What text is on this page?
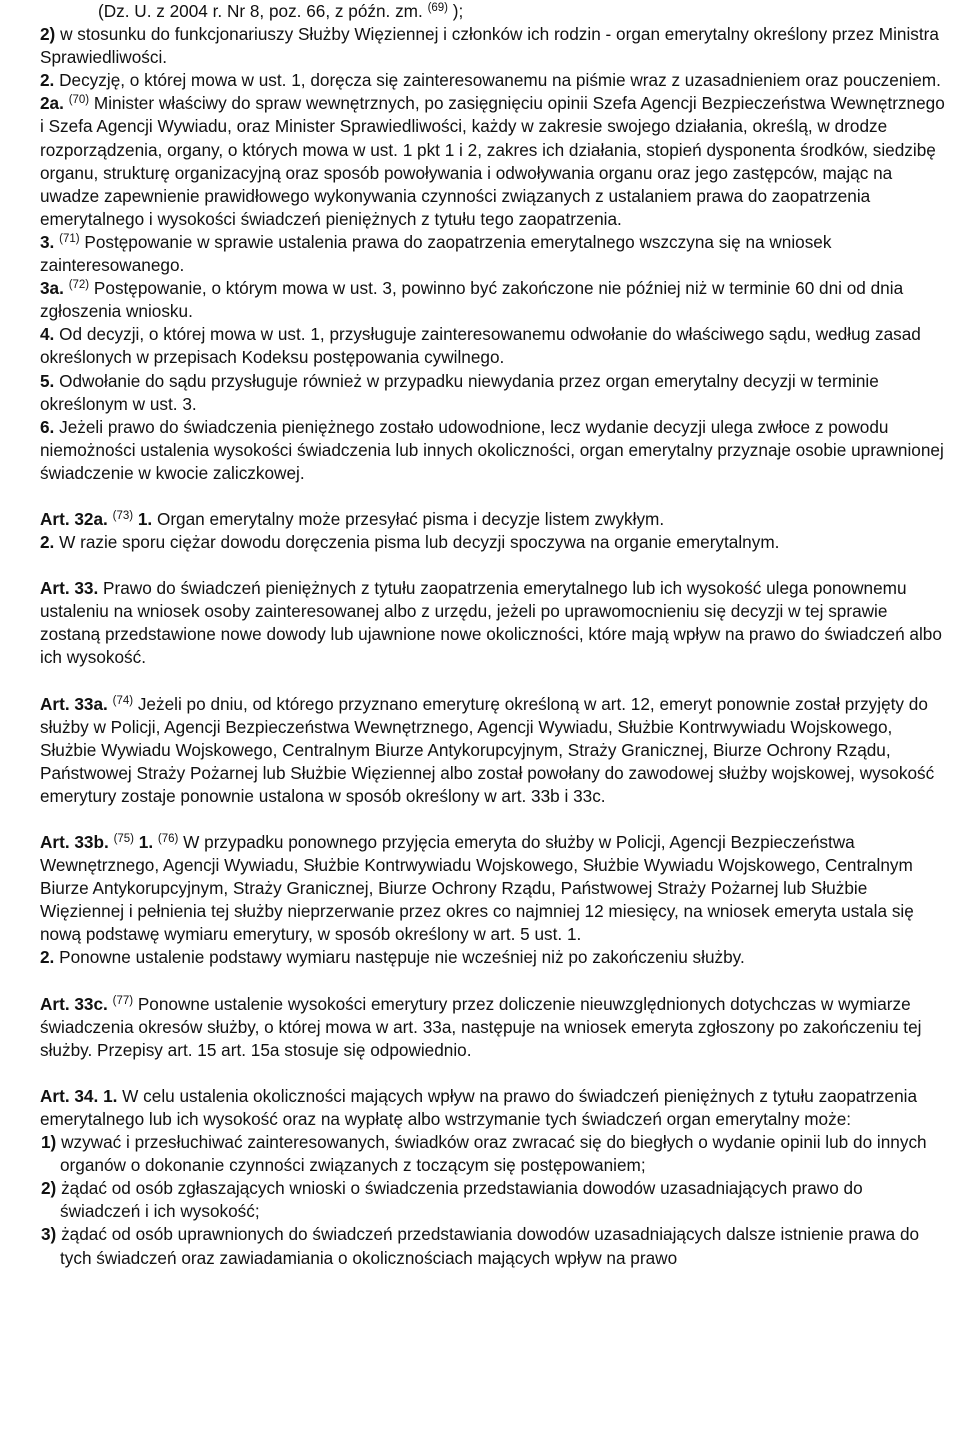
(Dz. U. z 2004 r. Nr 8, poz. 66, z późn. zm. $^{(69)}$ );

2) w stosunku do funkcjonariuszy Służby Więziennej i członków ich rodzin - organ emerytalny określony przez Ministra Sprawiedliwości.

2. Decyzję, o której mowa w ust. 1, doręcza się zainteresowanemu na piśmie wraz z uzasadnieniem oraz pouczeniem.

2a. $^{(70)}$ Minister właściwy do spraw wewnętrznych, po zasięgnięciu opinii Szefa Agencji Bezpieczeństwa Wewnętrznego i Szefa Agencji Wywiadu, oraz Minister Sprawiedliwości, każdy w zakresie swojego działania, określą, w drodze rozporządzenia, organy, o których mowa w ust. 1 pkt 1 i 2, zakres ich działania, stopień dysponenta środków, siedzibę organu, strukturę organizacyjną oraz sposób powoływania i odwoływania organu oraz jego zastępców, mając na uwadze zapewnienie prawidłowego wykonywania czynności związanych z ustalaniem prawa do zaopatrzenia emerytalnego i wysokości świadczeń pieniężnych z tytułu tego zaopatrzenia.

3. $^{(71)}$ Postępowanie w sprawie ustalenia prawa do zaopatrzenia emerytalnego wszczyna się na wniosek zainteresowanego.

3a. $^{(72)}$ Postępowanie, o którym mowa w ust. 3, powinno być zakończone nie później niż w terminie 60 dni od dnia zgłoszenia wniosku.

4. Od decyzji, o której mowa w ust. 1, przysługuje zainteresowanemu odwołanie do właściwego sądu, według zasad określonych w przepisach Kodeksu postępowania cywilnego.

5. Odwołanie do sądu przysługuje również w przypadku niewydania przez organ emerytalny decyzji w terminie określonym w ust. 3.

6. Jeżeli prawo do świadczenia pieniężnego zostało udowodnione, lecz wydanie decyzji ulega zwłoce z powodu niemożności ustalenia wysokości świadczenia lub innych okoliczności, organ emerytalny przyznaje osobie uprawnionej świadczenie w kwocie zaliczkowej.

Art. 32a. $^{(73)}$ 1. Organ emerytalny może przesyłać pisma i decyzje listem zwykłym.

2. W razie sporu ciężar dowodu doręczenia pisma lub decyzji spoczywa na organie emerytalnym.

Art. 33. Prawo do świadczeń pieniężnych z tytułu zaopatrzenia emerytalnego lub ich wysokość ulega ponownemu ustaleniu na wniosek osoby zainteresowanej albo z urzędu, jeżeli po uprawomocnieniu się decyzji w tej sprawie zostaną przedstawione nowe dowody lub ujawnione nowe okoliczności, które mają wpływ na prawo do świadczeń albo ich wysokość.

Art. 33a. $^{(74)}$ Jeżeli po dniu, od którego przyznano emeryturę określoną w art. 12, emeryt ponownie został przyjęty do służby w Policji, Agencji Bezpieczeństwa Wewnętrznego, Agencji Wywiadu, Służbie Kontrwywiadu Wojskowego, Służbie Wywiadu Wojskowego, Centralnym Biurze Antykorupcyjnym, Straży Granicznej, Biurze Ochrony Rządu, Państwowej Straży Pożarnej lub Służbie Więziennej albo został powołany do zawodowej służby wojskowej, wysokość emerytury zostaje ponownie ustalona w sposób określony w art. 33b i 33c.

Art. 33b. $^{(75)}$ 1. $^{(76)}$ W przypadku ponownego przyjęcia emeryta do służby w Policji, Agencji Bezpieczeństwa Wewnętrznego, Agencji Wywiadu, Służbie Kontrwywiadu Wojskowego, Służbie Wywiadu Wojskowego, Centralnym Biurze Antykorupcyjnym, Straży Granicznej, Biurze Ochrony Rządu, Państwowej Straży Pożarnej lub Służbie Więziennej i pełnienia tej służby nieprzerwanie przez okres co najmniej 12 miesięcy, na wniosek emeryta ustala się nową podstawę wymiaru emerytury, w sposób określony w art. 5 ust. 1.

2. Ponowne ustalenie podstawy wymiaru następuje nie wcześniej niż po zakończeniu służby.

Art. 33c. $^{(77)}$ Ponowne ustalenie wysokości emerytury przez doliczenie nieuwzględnionych dotychczas w wymiarze świadczenia okresów służby, o której mowa w art. 33a, następuje na wniosek emeryta zgłoszony po zakończeniu tej służby. Przepisy art. 15 art. 15a stosuje się odpowiednio.

Art. 34. 1. W celu ustalenia okoliczności mających wpływ na prawo do świadczeń pieniężnych z tytułu zaopatrzenia emerytalnego lub ich wysokość oraz na wypłatę albo wstrzymanie tych świadczeń organ emerytalny może:

1) wzywać i przesłuchiwać zainteresowanych, świadków oraz zwracać się do biegłych o wydanie opinii lub do innych organów o dokonanie czynności związanych z toczącym się postępowaniem;

2) żądać od osób zgłaszających wnioski o świadczenia przedstawiania dowodów uzasadniających prawo do świadczeń i ich wysokość;

3) żądać od osób uprawnionych do świadczeń przedstawiania dowodów uzasadniających dalsze istnienie prawa do tych świadczeń oraz zawiadamiania o okolicznościach mających wpływ na prawo
